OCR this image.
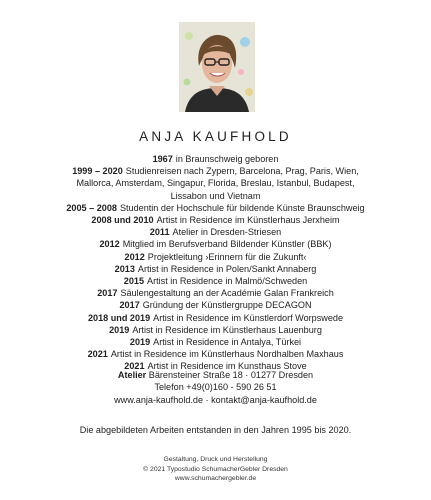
ANJA KAUFHOLD
1967 in Braunschweig geboren
1999 – 2020 Studienreisen nach Zypern, Barcelona, Prag, Paris, Wien,
Mallorca, Amsterdam, Singapur, Florida, Breslau, Istanbul, Budapest,
Lissabon und Vietnam
2005 – 2008 Studentin der Hochschule für bildende Künste Braunschweig
2008 und 2010 Artist in Residence im Künstlerhaus Jerxheim
2011 Atelier in Dresden-Striesen
2012 Mitglied im Berufsverband Bildender Künstler (BBK)
2012 Projektleitung ›Erinnern für die Zukunft‹
2013 Artist in Residence in Polen/Sankt Annaberg
2015 Artist in Residence in Malmö/Schweden
2017 Säulengestaltung an der Académie Galan Frankreich
2017 Gründung der Künstlergruppe DECAGON
2018 und 2019 Artist in Residence im Künstlerdorf Worpswede
2019 Artist in Residence im Künstlerhaus Lauenburg
2019 Artist in Residence in Antalya, Türkei
2021 Artist in Residence im Künstlerhaus Nordhalben Maxhaus
2021 Artist in Residence im Kunsthaus Stove
Atelier Bärensteiner Straße 18 · 01277 Dresden
Telefon +49(0)160 - 590 26 51
www.anja-kaufhold.de · kontakt@anja-kaufhold.de
Die abgebildeten Arbeiten entstanden in den Jahren 1995 bis 2020.
Gestaltung, Druck und Herstellung
© 2021 Typostudio SchumacherGebler Dresden
www.schumachergebler.de
